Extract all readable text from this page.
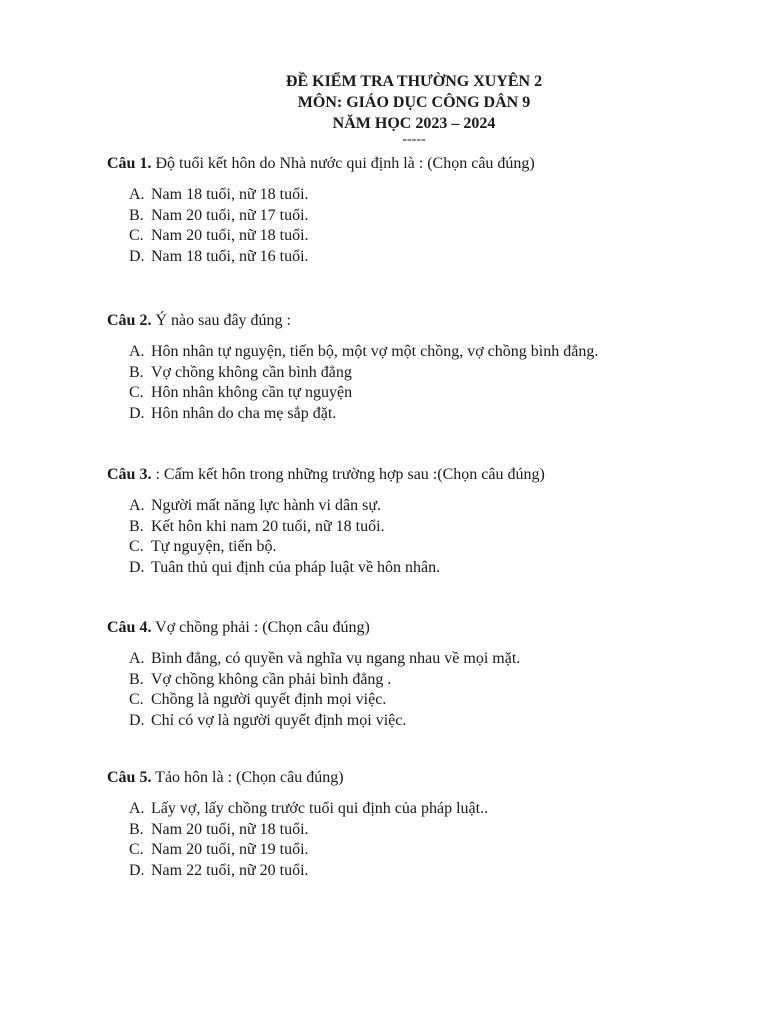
ĐỀ KIỂM TRA THƯỜNG XUYÊN 2
MÔN: GIÁO DỤC CÔNG DÂN 9
NĂM HỌC 2023 – 2024
-----
Câu 1. Độ tuổi kết hôn do Nhà nước qui định là : (Chọn câu đúng)
A. Nam 18 tuổi, nữ 18 tuổi.
B. Nam 20 tuổi, nữ 17 tuổi.
C. Nam 20 tuổi, nữ 18 tuổi.
D. Nam 18 tuổi, nữ 16 tuổi.
Câu 2. Ý nào sau đây đúng :
A. Hôn nhân tự nguyện, tiến bộ, một vợ một chồng, vợ chồng bình đẳng.
B. Vợ chồng không cần bình đẳng
C. Hôn nhân không cần tự nguyện
D. Hôn nhân do cha mẹ sắp đặt.
Câu 3. : Cấm kết hôn trong những trường hợp sau :(Chọn câu đúng)
A. Người mất năng lực hành vi dân sự.
B. Kết hôn khi nam 20 tuổi, nữ 18 tuổi.
C. Tự nguyện, tiến bộ.
D. Tuân thủ qui định của pháp luật về hôn nhân.
Câu 4. Vợ chồng phải : (Chọn câu đúng)
A. Bình đẳng, có quyền và nghĩa vụ ngang nhau về mọi mặt.
B. Vợ chồng không cần phải bình đẳng .
C. Chồng là người quyết định mọi việc.
D. Chỉ có vợ là người quyết định mọi việc.
Câu 5. Tảo hôn là : (Chọn câu đúng)
A. Lấy vợ, lấy chồng trước tuổi qui định của pháp luật..
B. Nam 20 tuổi, nữ 18 tuổi.
C. Nam 20 tuổi, nữ 19 tuổi.
D. Nam 22 tuổi, nữ 20 tuổi.
